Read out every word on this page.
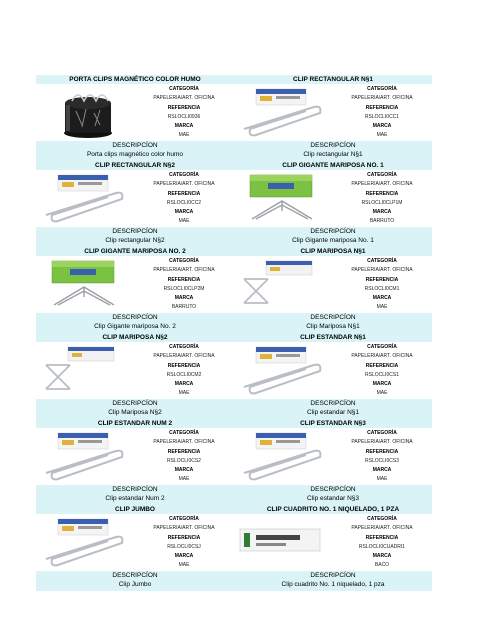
PORTA CLIPS MAGNÉTICO COLOR HUMO
CATEGORÍA
PAPELERIA/ART. OFICINA
REFERENCIA
RSLOCLI0936
MARCA
MAE
DESCRIPCÍON
Porta clips magnético color humo
CLIP RECTANGULAR N§1
CATEGORÍA
PAPELERIA/ART. OFICINA
REFERENCIA
RSLOCLI0CC1
MARCA
MAE
DESCRIPCÍON
Clip rectangular N§1
CLIP RECTANGULAR N§2
CATEGORÍA
PAPELERIA/ART. OFICINA
REFERENCIA
RSLOCLI0CC2
MARCA
MAE
DESCRIPCÍON
Clip rectangular N§2
CLIP GIGANTE MARIPOSA NO. 1
CATEGORÍA
PAPELERIA/ART. OFICINA
REFERENCIA
RSLOCLI0CLP1M
MARCA
BARRUTO
DESCRIPCÍON
Clip Gigante mariposa No. 1
CLIP GIGANTE MARIPOSA NO. 2
CATEGORÍA
PAPELERIA/ART. OFICINA
REFERENCIA
RSLOCLI0CLP2M
MARCA
BARRUTO
DESCRIPCÍON
Clip Gigante mariposa No. 2
CLIP MARIPOSA N§1
CATEGORÍA
PAPELERIA/ART. OFICINA
REFERENCIA
RSLOCLI0CM1
MARCA
MAE
DESCRIPCÍON
Clip Mariposa N§1
CLIP MARIPOSA N§2
CATEGORÍA
PAPELERIA/ART. OFICINA
REFERENCIA
RSLOCLI0CM2
MARCA
MAE
DESCRIPCÍON
Clip Mariposa N§2
CLIP ESTANDAR N§1
CATEGORÍA
PAPELERIA/ART. OFICINA
REFERENCIA
RSLOCLI0CS1
MARCA
MAE
DESCRIPCÍON
Clip estandar N§1
CLIP ESTANDAR NUM 2
CATEGORÍA
PAPELERIA/ART. OFICINA
REFERENCIA
RSLOCLI0CS2
MARCA
MAE
DESCRIPCÍON
Clip estandar Num 2
CLIP ESTANDAR N§3
CATEGORÍA
PAPELERIA/ART. OFICINA
REFERENCIA
RSLOCLI0CS3
MARCA
MAE
DESCRIPCÍON
Clip estandar N§3
CLIP JUMBO
CATEGORÍA
PAPELERIA/ART. OFICINA
REFERENCIA
RSLOCLI0CSJ
MARCA
MAE
DESCRIPCÍON
Clip Jumbo
CLIP CUADRITO NO. 1 NIQUELADO, 1 PZA
CATEGORÍA
PAPELERIA/ART. OFICINA
REFERENCIA
RSLOCLI0CUADRI1
MARCA
BACO
DESCRIPCÍON
Clip cuadrito No. 1 niquelado, 1 pza
